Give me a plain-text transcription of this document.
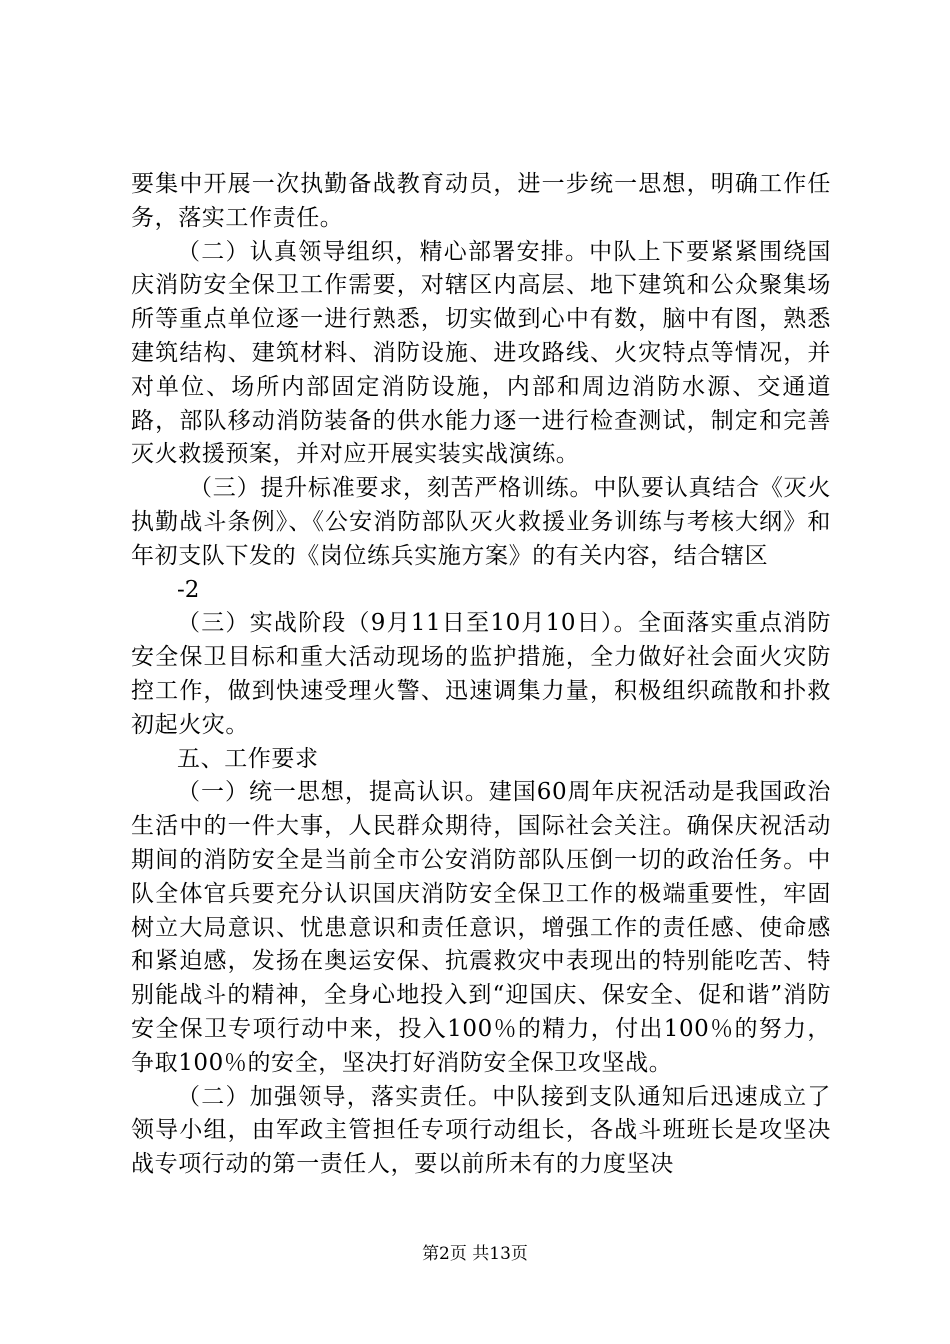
要集中开展一次执勤备战教育动员，进一步统一思想，明确工作任务，落实工作责任。

（二）认真领导组织，精心部署安排。中队上下要紧紧围绕国庆消防安全保卫工作需要，对辖区内高层、地下建筑和公众聚集场所等重点单位逐一进行熟悉，切实做到心中有数，脑中有图，熟悉建筑结构、建筑材料、消防设施、进攻路线、火灾特点等情况，并对单位、场所内部固定消防设施，内部和周边消防水源、交通道路，部队移动消防装备的供水能力逐一进行检查测试，制定和完善灭火救援预案，并对应开展实装实战演练。

（三）提升标准要求，刻苦严格训练。中队要认真结合《灭火执勤战斗条例》、《公安消防部队灭火救援业务训练与考核大纲》和年初支队下发的《岗位练兵实施方案》的有关内容，结合辖区

-2

（三）实战阶段（9月11日至10月10日）。全面落实重点消防安全保卫目标和重大活动现场的监护措施，全力做好社会面火灾防控工作，做到快速受理火警、迅速调集力量，积极组织疏散和扑救初起火灾。

五、工作要求

（一）统一思想，提高认识。建国60周年庆祝活动是我国政治生活中的一件大事，人民群众期待，国际社会关注。确保庆祝活动期间的消防安全是当前全市公安消防部队压倒一切的政治任务。中队全体官兵要充分认识国庆消防安全保卫工作的极端重要性，牢固树立大局意识、忧患意识和责任意识，增强工作的责任感、使命感和紧迫感，发扬在奥运安保、抗震救灾中表现出的特别能吃苦、特别能战斗的精神，全身心地投入到“迎国庆、保安全、促和谐”消防安全保卫专项行动中来，投入100％的精力，付出100％的努力，争取100％的安全，坚决打好消防安全保卫攻坚战。

（二）加强领导，落实责任。中队接到支队通知后迅速成立了领导小组，由军政主管担任专项行动组长，各战斗班班长是攻坚决战专项行动的第一责任人，要以前所未有的力度坚决

第2页 共13页
